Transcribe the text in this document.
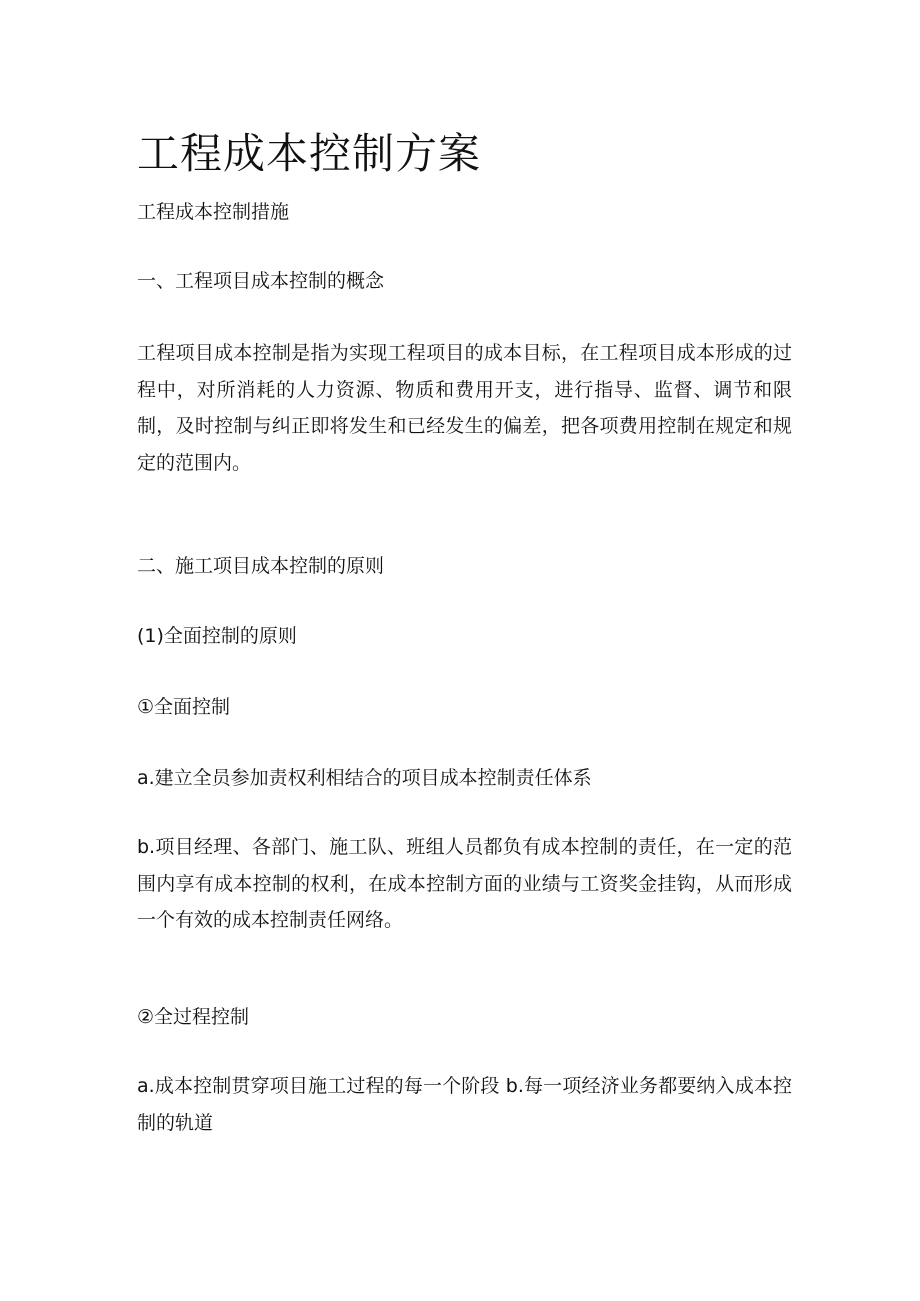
工程成本控制方案
工程成本控制措施
一、工程项目成本控制的概念
工程项目成本控制是指为实现工程项目的成本目标，在工程项目成本形成的过程中，对所消耗的人力资源、物质和费用开支，进行指导、监督、调节和限制，及时控制与纠正即将发生和已经发生的偏差，把各项费用控制在规定和规定的范围内。
二、施工项目成本控制的原则
(1)全面控制的原则
①全面控制
a.建立全员参加责权利相结合的项目成本控制责任体系
b.项目经理、各部门、施工队、班组人员都负有成本控制的责任，在一定的范围内享有成本控制的权利，在成本控制方面的业绩与工资奖金挂钩，从而形成一个有效的成本控制责任网络。
②全过程控制
a.成本控制贯穿项目施工过程的每一个阶段 b.每一项经济业务都要纳入成本控制的轨道
